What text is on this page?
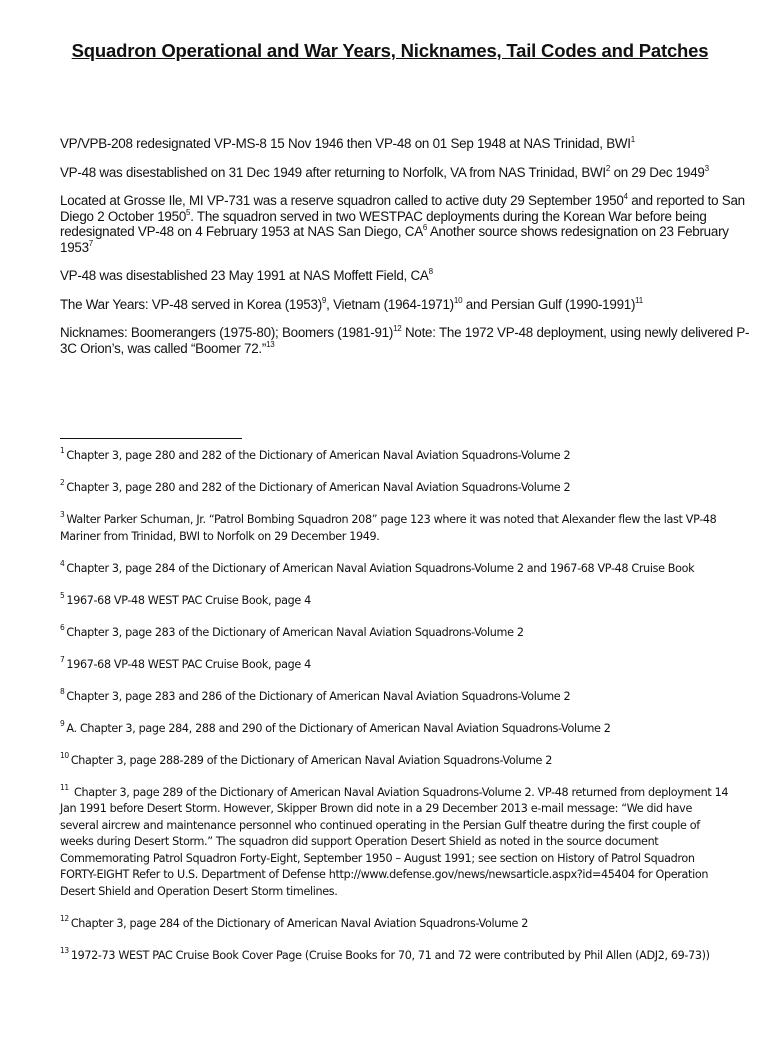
Squadron Operational and War Years, Nicknames, Tail Codes and Patches

VP/VPB-208 redesignated VP-MS-8 15 Nov 1946 then VP-48 on 01 Sep 1948 at NAS Trinidad, BWI$^1$

VP-48 was disestablished on 31 Dec 1949 after returning to Norfolk, VA from NAS Trinidad, BWI$^2$ on 29 Dec 1949$^3$

Located at Grosse Ile, MI VP-731 was a reserve squadron called to active duty 29 September 1950$^4$ and reported to San Diego 2 October 1950$^5$. The squadron served in two WESTPAC deployments during the Korean War before being redesignated VP-48 on 4 February 1953 at NAS San Diego, $CA^6$ Another source shows redesignation on 23 February 1953$^7$

VP-48 was disestablished 23 May 1991 at NAS Moffett Field, $CA^8$

The War Years: VP-48 served in Korea $(1953)^9$, Vietnam (1964-1971)$^{10}$ and Persian Gulf (1990-1991)$^{11}$

Nicknames: Boomerangers (1975-80); Boomers (1981-91)$^{12}$ Note: The 1972 VP-48 deployment, using newly delivered P-3C Orion’s, was called “Boomer 72.”$^{13}$

$^1$ Chapter 3, page 280 and 282 of the Dictionary of American Naval Aviation Squadrons-Volume 2
$^2$ Chapter 3, page 280 and 282 of the Dictionary of American Naval Aviation Squadrons-Volume 2
$^3$ Walter Parker Schuman, Jr. “Patrol Bombing Squadron 208” page 123 where it was noted that Alexander flew the last VP-48 Mariner from Trinidad, BWI to Norfolk on 29 December 1949.
$^4$ Chapter 3, page 284 of the Dictionary of American Naval Aviation Squadrons-Volume 2 and 1967-68 VP-48 Cruise Book
$^5$ 1967-68 VP-48 WEST PAC Cruise Book, page 4
$^6$ Chapter 3, page 283 of the Dictionary of American Naval Aviation Squadrons-Volume 2
$^7$ 1967-68 VP-48 WEST PAC Cruise Book, page 4
$^8$ Chapter 3, page 283 and 286 of the Dictionary of American Naval Aviation Squadrons-Volume 2
$^9$ A. Chapter 3, page 284, 288 and 290 of the Dictionary of American Naval Aviation Squadrons-Volume 2
$^{10}$ Chapter 3, page 288-289 of the Dictionary of American Naval Aviation Squadrons-Volume 2
$^{11}$ Chapter 3, page 289 of the Dictionary of American Naval Aviation Squadrons-Volume 2. VP-48 returned from deployment 14 Jan 1991 before Desert Storm. However, Skipper Brown did note in a 29 December 2013 e-mail message: “We did have several aircrew and maintenance personnel who continued operating in the Persian Gulf theatre during the first couple of weeks during Desert Storm.” The squadron did support Operation Desert Shield as noted in the source document Commemorating Patrol Squadron Forty-Eight, September 1950 – August 1991; see section on History of Patrol Squadron FORTY-EIGHT Refer to U.S. Department of Defense http://www.defense.gov/news/newsarticle.aspx?id=45404 for Operation Desert Shield and Operation Desert Storm timelines.
$^{12}$ Chapter 3, page 284 of the Dictionary of American Naval Aviation Squadrons-Volume 2
$^{13}$ 1972-73 WEST PAC Cruise Book Cover Page (Cruise Books for 70, 71 and 72 were contributed by Phil Allen (ADJ2, 69-73))
